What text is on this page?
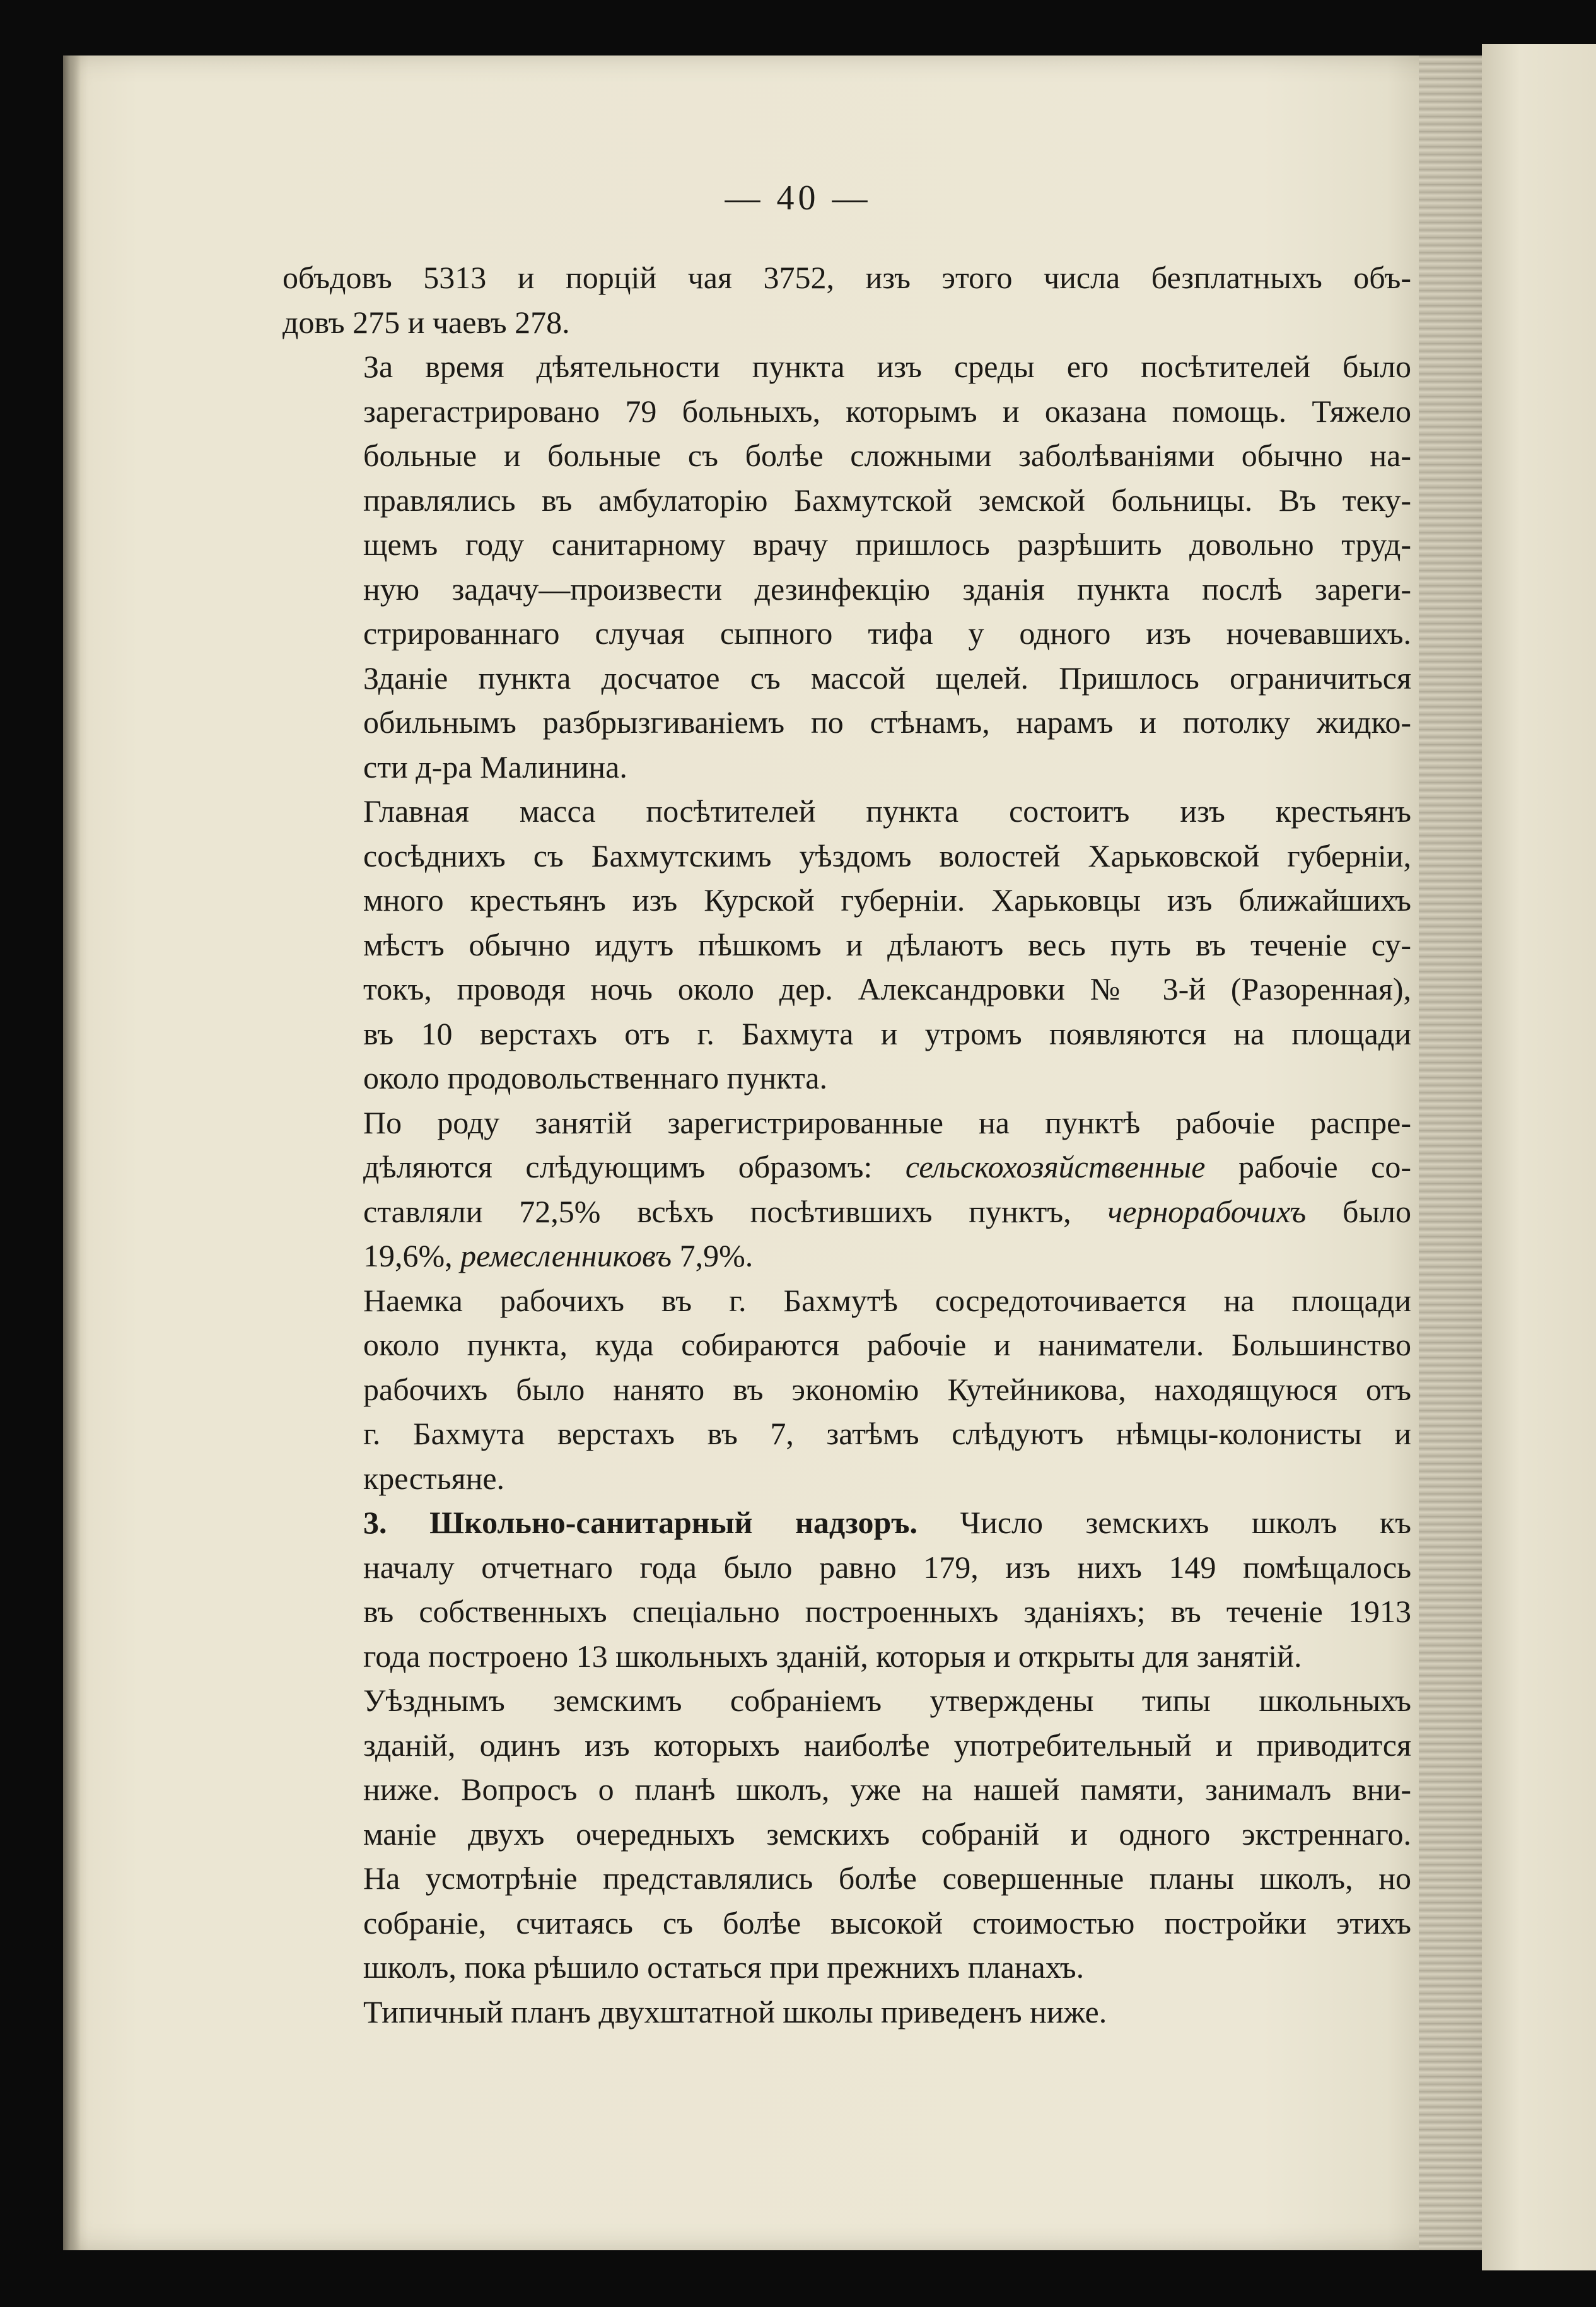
— 40 —

объдовъ 5313 и порцій чая 3752, изъ этого числа безплатныхъ объ-
довъ 275 и чаевъ 278.

За время дѣятельности пункта изъ среды его посѣтителей было
зарегастрировано 79 больныхъ, которымъ и оказана помощь. Тяжело
больные и больные съ болѣе сложными заболѣваніями обычно на-
правлялись въ амбулаторію Бахмутской земской больницы. Въ теку-
щемъ году санитарному врачу пришлось разрѣшить довольно труд-
ную задачу—произвести дезинфекцію зданія пункта послѣ зареги-
стрированнаго случая сыпного тифа у одного изъ ночевавшихъ.
Зданіе пункта досчатое съ массой щелей. Пришлось ограничиться
обильнымъ разбрызгиваніемъ по стѣнамъ, нарамъ и потолку жидко-
сти д-ра Малинина.

Главная масса посѣтителей пункта состоитъ изъ крестьянъ
сосѣднихъ съ Бахмутскимъ уѣздомъ волостей Харьковской губерніи,
много крестьянъ изъ Курской губерніи. Харьковцы изъ ближайшихъ
мѣстъ обычно идутъ пѣшкомъ и дѣлаютъ весь путь въ теченіе су-
токъ, проводя ночь около дер. Александровки № 3-й (Разоренная),
въ 10 верстахъ отъ г. Бахмута и утромъ появляются на площади
около продовольственнаго пункта.

По роду занятій зарегистрированные на пунктѣ рабочіе распре-
дѣляются слѣдующимъ образомъ: сельскохозяйственные рабочіе со-
ставляли 72,5% всѣхъ посѣтившихъ пунктъ, чернорабочихъ было
19,6%, ремесленниковъ 7,9%.

Наемка рабочихъ въ г. Бахмутѣ сосредоточивается на площади
около пункта, куда собираются рабочіе и наниматели. Большинство
рабочихъ было нанято въ экономію Кутейникова, находящуюся отъ
г. Бахмута верстахъ въ 7, затѣмъ слѣдуютъ нѣмцы-колонисты и
крестьяне.

3. Школьно-санитарный надзоръ. Число земскихъ школъ къ
началу отчетнаго года было равно 179, изъ нихъ 149 помѣщалось
въ собственныхъ спеціально построенныхъ зданіяхъ; въ теченіе 1913
года построено 13 школьныхъ зданій, которыя и открыты для занятій.

Уѣзднымъ земскимъ собраніемъ утверждены типы школьныхъ
зданій, одинъ изъ которыхъ наиболѣе употребительный и приводится
ниже. Вопросъ о планѣ школъ, уже на нашей памяти, занималъ вни-
маніе двухъ очередныхъ земскихъ собраній и одного экстреннаго.
На усмотрѣніе представлялись болѣе совершенные планы школъ, но
собраніе, считаясь съ болѣе высокой стоимостью постройки этихъ
школъ, пока рѣшило остаться при прежнихъ планахъ.

Типичный планъ двухштатной школы приведенъ ниже.
